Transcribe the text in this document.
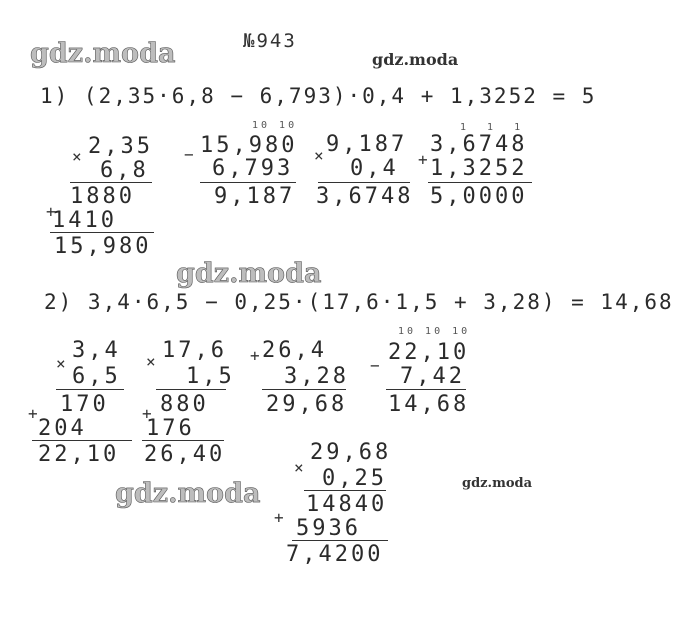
gdz.moda	gdz.moda
gdz.moda
gdz.moda	gdz.moda
№943
1) (2,35·6,8 − 6,793)·0,4 + 1,3252 = 5
× 2,35
6,8
1880
+
1410
15,980
10 10
− 15,980
6,793
9,187
× 9,187
0,4
3,6748
1  1  1
+
3,6748
1,3252
5,0000
2) 3,4·6,5 − 0,25·(17,6·1,5 + 3,28) = 14,68
×
3,4
6,5
170
+
204
22,10
× 17,6
1,5
880
+
176
26,40
+ 26,4
3,28
29,68
10 10 10
−
22,10
7,42
14,68
×
29,68
0,25
14840
+ 5936
7,4200
